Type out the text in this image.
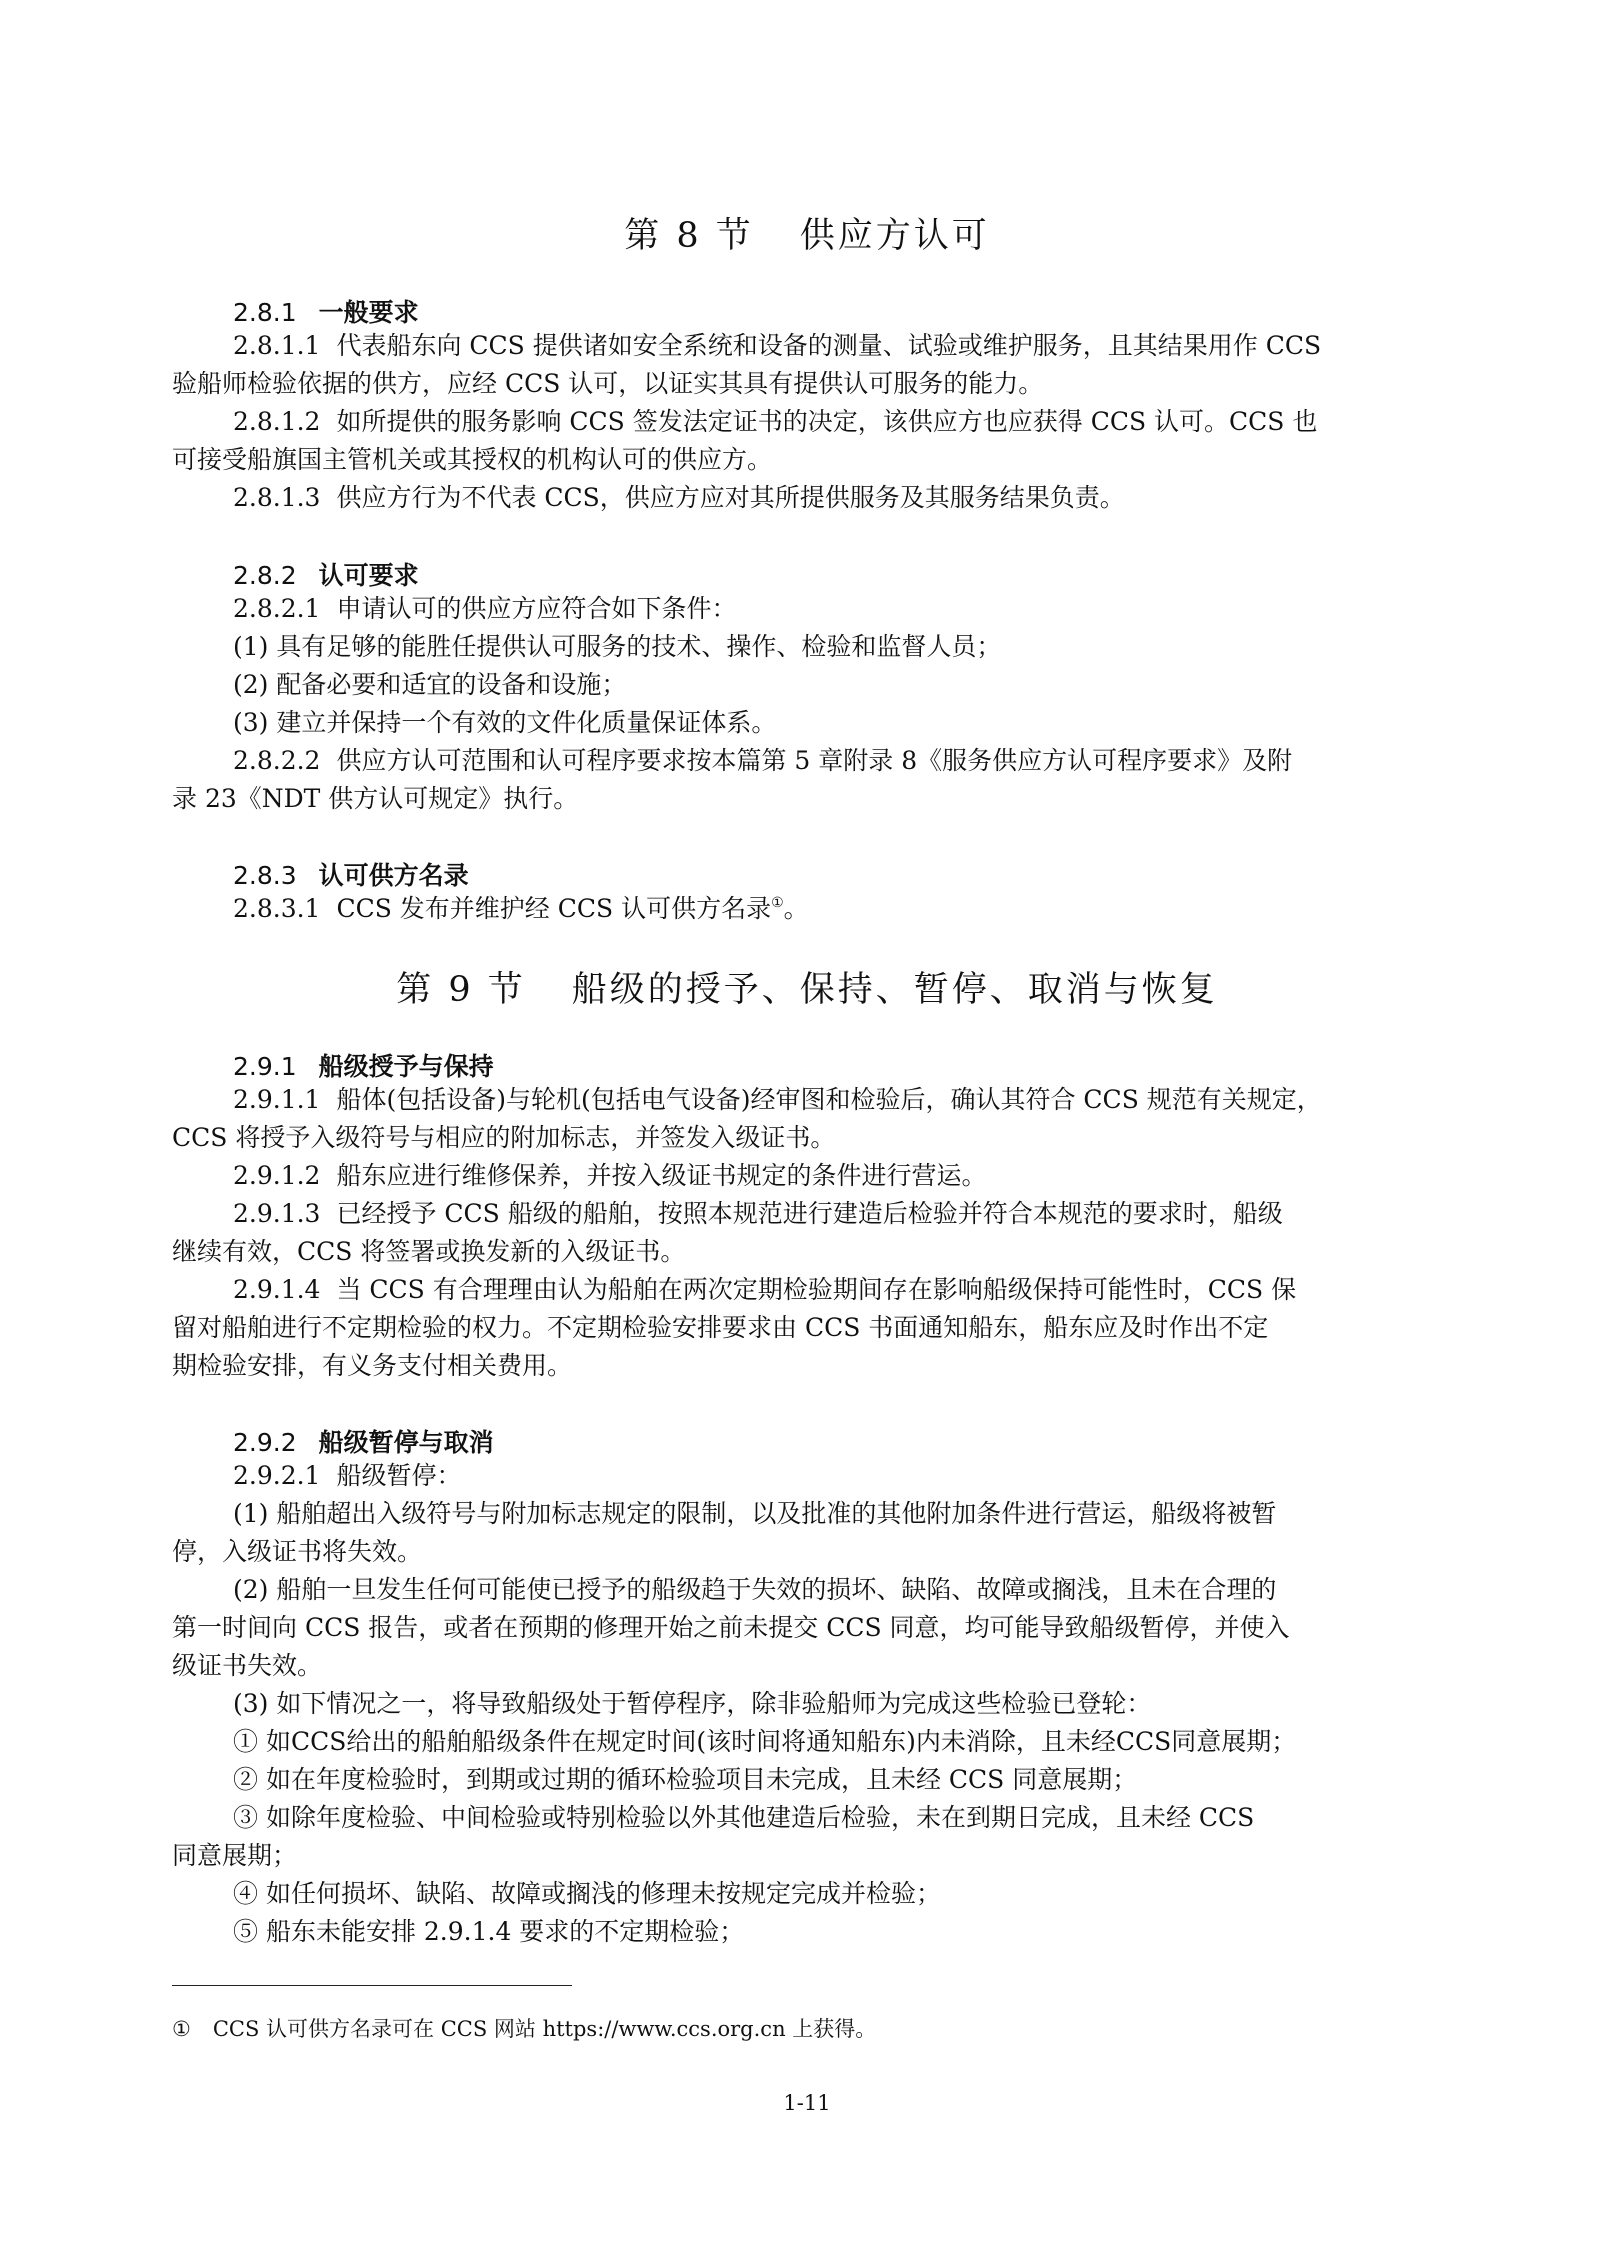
第 8 节 供应方认可
2.8.1 一般要求
2.8.1.1 代表船东向 CCS 提供诸如安全系统和设备的测量、试验或维护服务，且其结果用作 CCS
验船师检验依据的供方，应经 CCS 认可，以证实其具有提供认可服务的能力。
2.8.1.2 如所提供的服务影响 CCS 签发法定证书的决定，该供应方也应获得 CCS 认可。CCS 也
可接受船旗国主管机关或其授权的机构认可的供应方。
2.8.1.3 供应方行为不代表 CCS，供应方应对其所提供服务及其服务结果负责。
2.8.2 认可要求
2.8.2.1 申请认可的供应方应符合如下条件：
(1) 具有足够的能胜任提供认可服务的技术、操作、检验和监督人员；
(2) 配备必要和适宜的设备和设施；
(3) 建立并保持一个有效的文件化质量保证体系。
2.8.2.2 供应方认可范围和认可程序要求按本篇第 5 章附录 8《服务供应方认可程序要求》及附
录 23《NDT 供方认可规定》执行。
2.8.3 认可供方名录
2.8.3.1 CCS 发布并维护经 CCS 认可供方名录①。
第 9 节 船级的授予、保持、暂停、取消与恢复
2.9.1 船级授予与保持
2.9.1.1 船体(包括设备)与轮机(包括电气设备)经审图和检验后，确认其符合 CCS 规范有关规定，
CCS 将授予入级符号与相应的附加标志，并签发入级证书。
2.9.1.2 船东应进行维修保养，并按入级证书规定的条件进行营运。
2.9.1.3 已经授予 CCS 船级的船舶，按照本规范进行建造后检验并符合本规范的要求时，船级
继续有效，CCS 将签署或换发新的入级证书。
2.9.1.4 当 CCS 有合理理由认为船舶在两次定期检验期间存在影响船级保持可能性时，CCS 保
留对船舶进行不定期检验的权力。不定期检验安排要求由 CCS 书面通知船东，船东应及时作出不定
期检验安排，有义务支付相关费用。
2.9.2 船级暂停与取消
2.9.2.1 船级暂停：
(1) 船舶超出入级符号与附加标志规定的限制，以及批准的其他附加条件进行营运，船级将被暂
停，入级证书将失效。
(2) 船舶一旦发生任何可能使已授予的船级趋于失效的损坏、缺陷、故障或搁浅，且未在合理的
第一时间向 CCS 报告，或者在预期的修理开始之前未提交 CCS 同意，均可能导致船级暂停，并使入
级证书失效。
(3) 如下情况之一，将导致船级处于暂停程序，除非验船师为完成这些检验已登轮：
① 如CCS给出的船舶船级条件在规定时间(该时间将通知船东)内未消除，且未经CCS同意展期；
② 如在年度检验时，到期或过期的循环检验项目未完成，且未经 CCS 同意展期；
③ 如除年度检验、中间检验或特别检验以外其他建造后检验，未在到期日完成，且未经 CCS
同意展期；
④ 如任何损坏、缺陷、故障或搁浅的修理未按规定完成并检验；
⑤ 船东未能安排 2.9.1.4 要求的不定期检验；
① CCS 认可供方名录可在 CCS 网站 https://www.ccs.org.cn 上获得。
1-11
